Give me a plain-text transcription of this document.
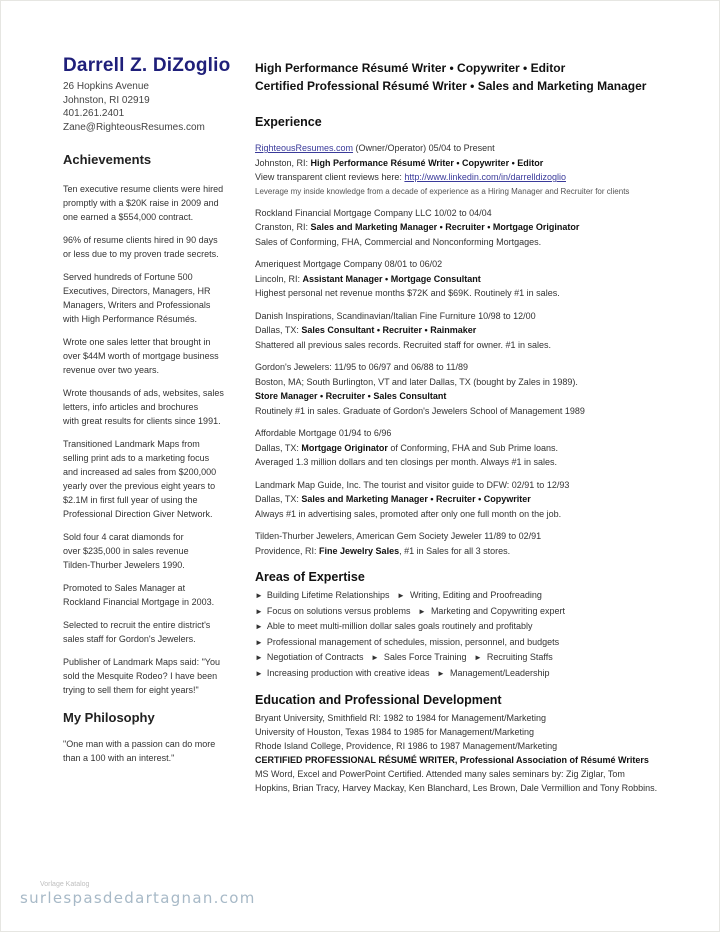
Darrell Z. DiZoglio
26 Hopkins Avenue
Johnston, RI 02919
401.261.2401
Zane@RighteousResumes.com
Achievements
Ten executive resume clients were hired
promptly with a $20K raise in 2009 and
one earned a $554,000 contract.
96% of resume clients hired in 90 days
or less due to my proven trade secrets.
Served hundreds of Fortune 500
Executives, Directors, Managers, HR
Managers, Writers and Professionals
with High Performance Résumés.
Wrote one sales letter that brought in
over $44M worth of mortgage business
revenue over two years.
Wrote thousands of ads, websites, sales
letters, info articles and brochures
with great results for clients since 1991.
Transitioned Landmark Maps from
selling print ads to a marketing focus
and increased ad sales from $200,000
yearly over the previous eight years to
$2.1M in first full year of using the
Professional Direction Giver Network.
Sold four 4 carat diamonds for
over $235,000 in sales revenue
Tilden-Thurber Jewelers 1990.
Promoted to Sales Manager at
Rockland Financial Mortgage in 2003.
Selected to recruit the entire district's
sales staff for Gordon's Jewelers.
Publisher of Landmark Maps said: "You
sold the Mesquite Rodeo? I have been
trying to sell them for eight years!"
My Philosophy
"One man with a passion can do more
than a 100 with an interest."
High Performance Résumé Writer • Copywriter • Editor
Certified Professional Résumé Writer • Sales and Marketing Manager
Experience
RighteousResumes.com (Owner/Operator) 05/04 to Present
Johnston, RI: High Performance Résumé Writer • Copywriter • Editor
View transparent client reviews here: http://www.linkedin.com/in/darrelldizoglio
Leverage my inside knowledge from a decade of experience as a Hiring Manager and Recruiter for clients
Rockland Financial Mortgage Company LLC 10/02 to 04/04
Cranston, RI: Sales and Marketing Manager • Recruiter • Mortgage Originator
Sales of Conforming, FHA, Commercial and Nonconforming Mortgages.
Ameriquest Mortgage Company 08/01 to 06/02
Lincoln, RI: Assistant Manager • Mortgage Consultant
Highest personal net revenue months $72K and $69K. Routinely #1 in sales.
Danish Inspirations, Scandinavian/Italian Fine Furniture 10/98 to 12/00
Dallas, TX: Sales Consultant • Recruiter • Rainmaker
Shattered all previous sales records. Recruited staff for owner. #1 in sales.
Gordon's Jewelers: 11/95 to 06/97 and 06/88 to 11/89
Boston, MA; South Burlington, VT and later Dallas, TX (bought by Zales in 1989).
Store Manager • Recruiter • Sales Consultant
Routinely #1 in sales. Graduate of Gordon's Jewelers School of Management 1989
Affordable Mortgage 01/94 to 6/96
Dallas, TX: Mortgage Originator of Conforming, FHA and Sub Prime loans.
Averaged 1.3 million dollars and ten closings per month. Always #1 in sales.
Landmark Map Guide, Inc. The tourist and visitor guide to DFW: 02/91 to 12/93
Dallas, TX: Sales and Marketing Manager • Recruiter • Copywriter
Always #1 in advertising sales, promoted after only one full month on the job.
Tilden-Thurber Jewelers, American Gem Society Jeweler 11/89 to 02/91
Providence, RI: Fine Jewelry Sales, #1 in Sales for all 3 stores.
Areas of Expertise
► Building Lifetime Relationships ► Writing, Editing and Proofreading
► Focus on solutions versus problems ► Marketing and Copywriting expert
► Able to meet multi-million dollar sales goals routinely and profitably
► Professional management of schedules, mission, personnel, and budgets
► Negotiation of Contracts ► Sales Force Training ► Recruiting Staffs
► Increasing production with creative ideas ► Management/Leadership
Education and Professional Development
Bryant University, Smithfield RI: 1982 to 1984 for Management/Marketing
University of Houston, Texas 1984 to 1985 for Management/Marketing
Rhode Island College, Providence, RI 1986 to 1987 Management/Marketing
CERTIFIED PROFESSIONAL RÉSUMÉ WRITER, Professional Association of Résumé Writers
MS Word, Excel and PowerPoint Certified. Attended many sales seminars by: Zig Ziglar, Tom
Hopkins, Brian Tracy, Harvey Mackay, Ken Blanchard, Les Brown, Dale Vermillion and Tony Robbins.
Vorlage Katalog
surlespasdedartagnan.com
